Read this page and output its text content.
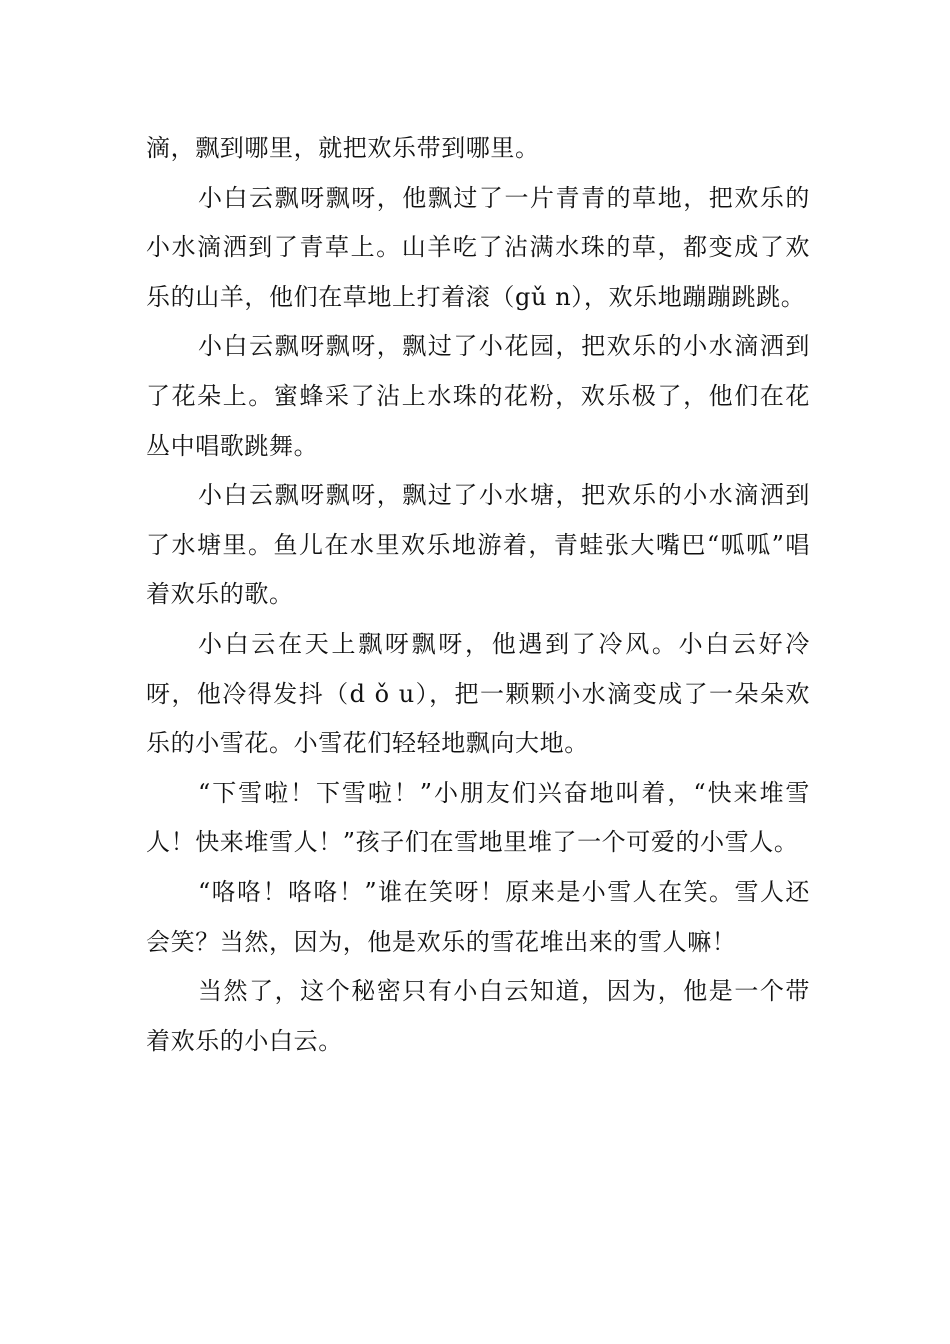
滴，飘到哪里，就把欢乐带到哪里。

小白云飘呀飘呀，他飘过了一片青青的草地，把欢乐的小水滴洒到了青草上。山羊吃了沾满水珠的草，都变成了欢乐的山羊，他们在草地上打着滚（gǔ n），欢乐地蹦蹦跳跳。

小白云飘呀飘呀，飘过了小花园，把欢乐的小水滴洒到了花朵上。蜜蜂采了沾上水珠的花粉，欢乐极了，他们在花丛中唱歌跳舞。

小白云飘呀飘呀，飘过了小水塘，把欢乐的小水滴洒到了水塘里。鱼儿在水里欢乐地游着，青蛙张大嘴巴“呱呱”唱着欢乐的歌。

小白云在天上飘呀飘呀，他遇到了冷风。小白云好冷呀，他冷得发抖（d ǒ u），把一颗颗小水滴变成了一朵朵欢乐的小雪花。小雪花们轻轻地飘向大地。

“下雪啦！下雪啦！”小朋友们兴奋地叫着，“快来堆雪人！快来堆雪人！”孩子们在雪地里堆了一个可爱的小雪人。

“咯咯！咯咯！”谁在笑呀！原来是小雪人在笑。雪人还会笑？当然，因为，他是欢乐的雪花堆出来的雪人嘛！

当然了，这个秘密只有小白云知道，因为，他是一个带着欢乐的小白云。
